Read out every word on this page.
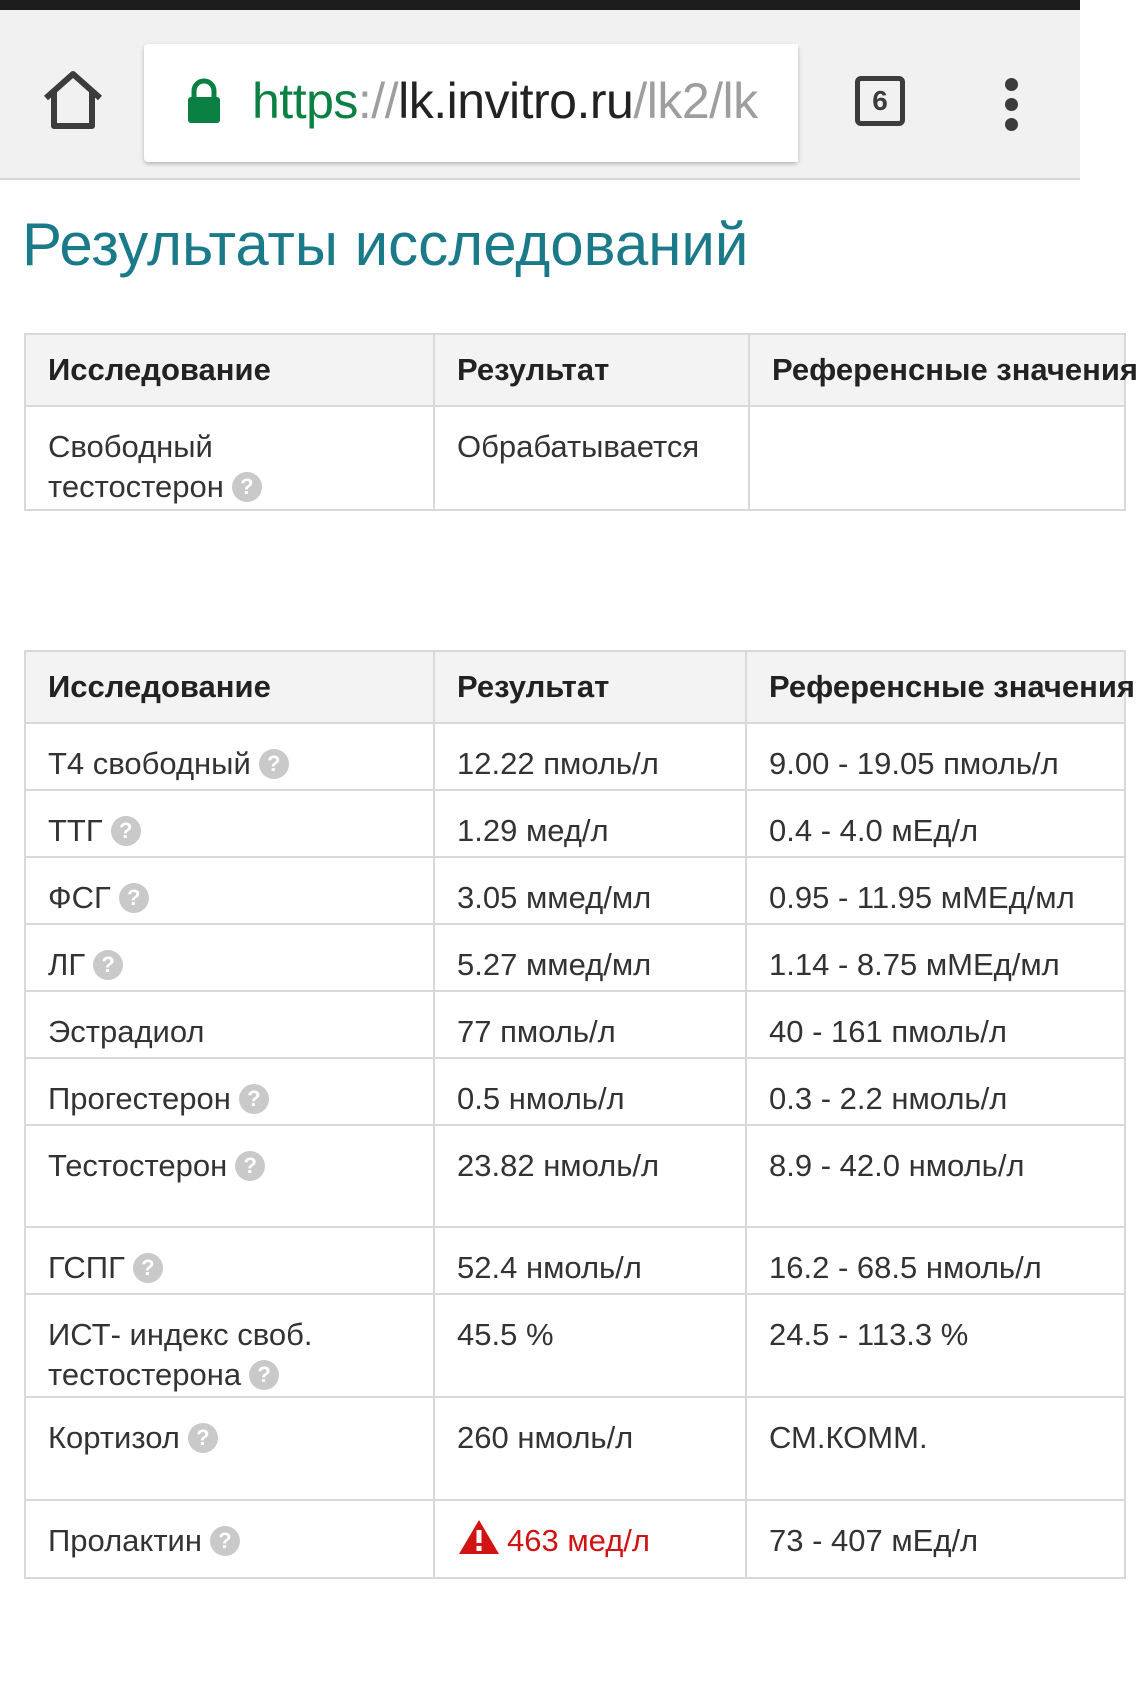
https://lk.invitro.ru/lk2/lk	6
Результаты исследований
Исследование	Результат	Референсные значения
Свободный тестостерон ?	Обрабатывается	
Исследование	Результат	Референсные значения
Т4 свободный ?	12.22 пмоль/л	9.00 - 19.05 пмоль/л
ТТГ ?	1.29 мед/л	0.4 - 4.0 мЕд/л
ФСГ ?	3.05 ммед/мл	0.95 - 11.95 мМЕд/мл
ЛГ ?	5.27 ммед/мл	1.14 - 8.75 мМЕд/мл
Эстрадиол	77 пмоль/л	40 - 161 пмоль/л
Прогестерон ?	0.5 нмоль/л	0.3 - 2.2 нмоль/л
Тестостерон ?	23.82 нмоль/л	8.9 - 42.0 нмоль/л
ГСПГ ?	52.4 нмоль/л	16.2 - 68.5 нмоль/л
ИСТ- индекс своб. тестостерона ?	45.5 %	24.5 - 113.3 %
Кортизол ?	260 нмоль/л	СМ.КОММ.
Пролактин ?	463 мед/л	73 - 407 мЕд/л
